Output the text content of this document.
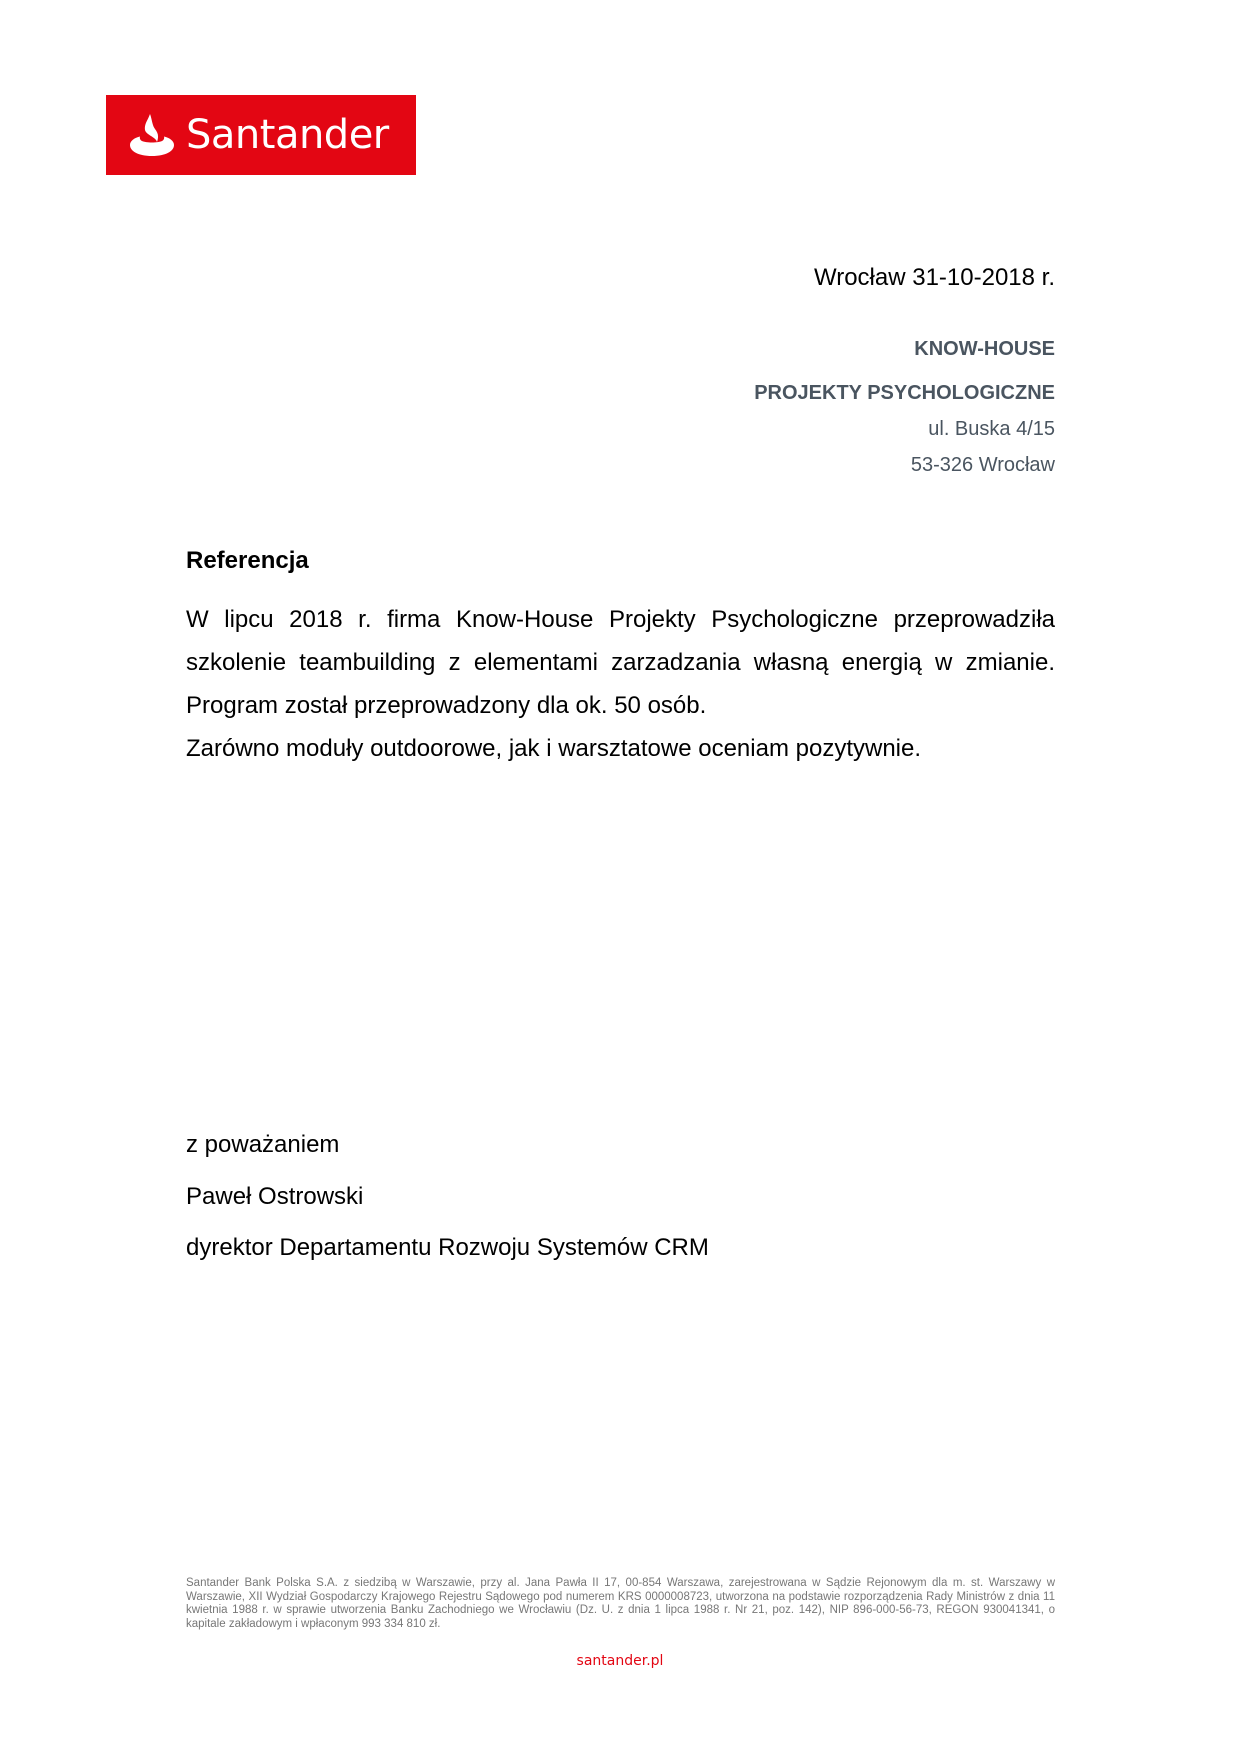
Santander
Wrocław 31-10-2018 r.
KNOW-HOUSE
PROJEKTY PSYCHOLOGICZNE
ul. Buska 4/15
53-326 Wrocław
Referencja

W lipcu 2018 r. firma Know-House Projekty Psychologiczne przeprowadziła szkolenie teambuilding z elementami zarzadzania własną energią w zmianie. Program został przeprowadzony dla ok. 50 osób.

Zarówno moduły outdoorowe, jak i warsztatowe oceniam pozytywnie.

z poważaniem
Paweł Ostrowski
dyrektor Departamentu Rozwoju Systemów CRM
Santander Bank Polska S.A. z siedzibą w Warszawie, przy al. Jana Pawła II 17, 00-854 Warszawa, zarejestrowana w Sądzie Rejonowym dla m. st. Warszawy w Warszawie, XII Wydział Gospodarczy Krajowego Rejestru Sądowego pod numerem KRS 0000008723, utworzona na podstawie rozporządzenia Rady Ministrów z dnia 11 kwietnia 1988 r. w sprawie utworzenia Banku Zachodniego we Wrocławiu (Dz. U. z dnia 1 lipca 1988 r. Nr 21, poz. 142), NIP 896-000-56-73, REGON 930041341, o kapitale zakładowym i wpłaconym 993 334 810 zł.
santander.pl
